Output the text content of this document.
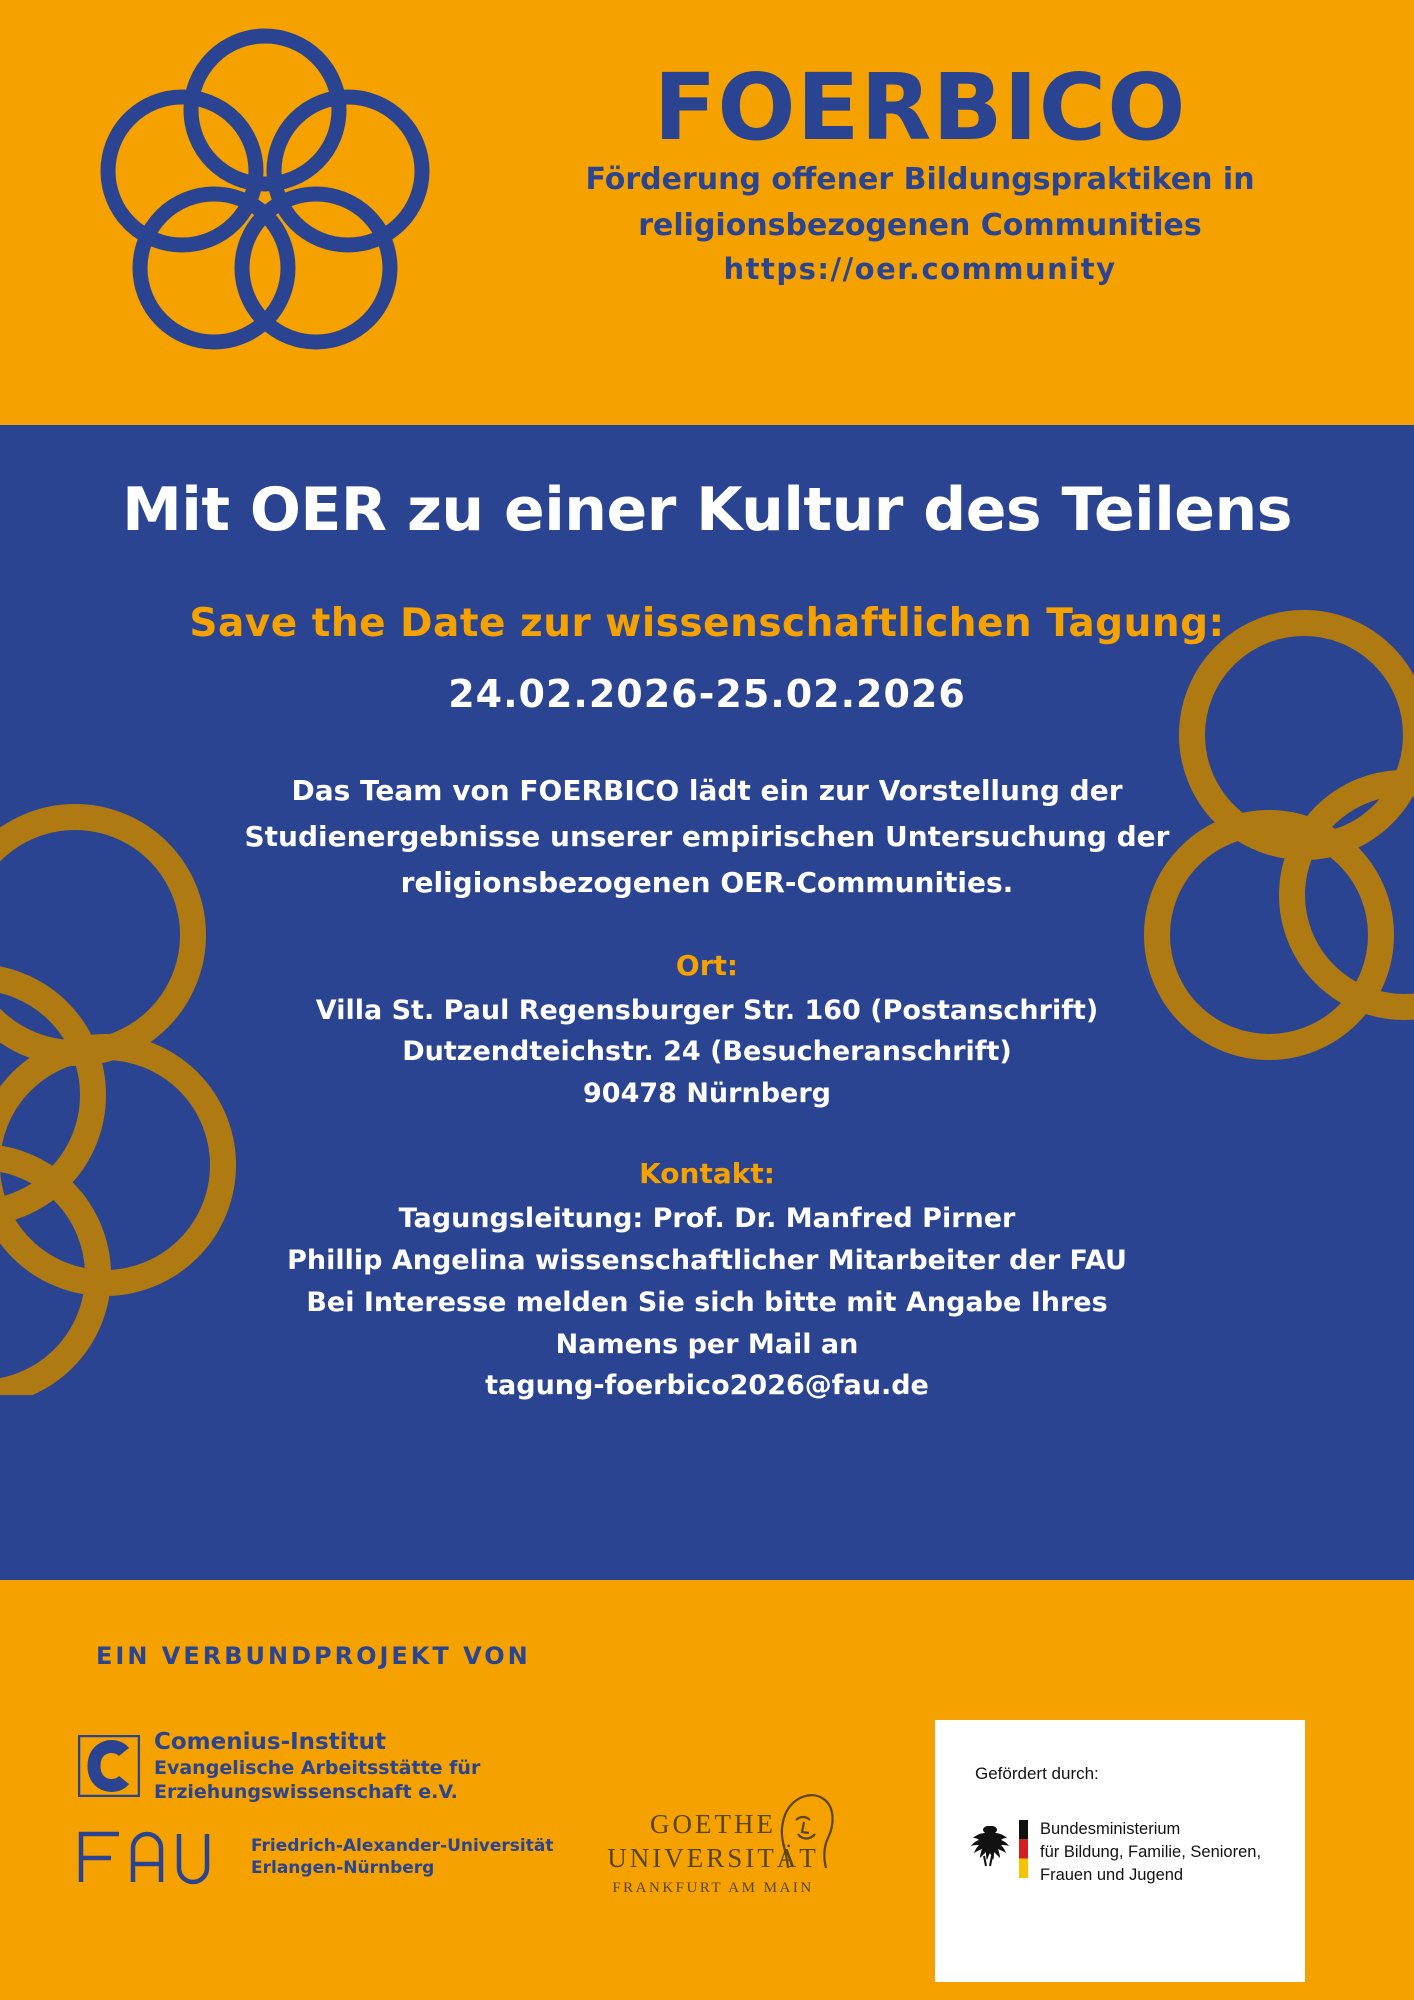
FOERBICO
Förderung offener Bildungspraktiken in
religionsbezogenen Communities
https://oer.community
Mit OER zu einer Kultur des Teilens
Save the Date zur wissenschaftlichen Tagung:
24.02.2026-25.02.2026

Das Team von FOERBICO lädt ein zur Vorstellung der Studienergebnisse unserer empirischen Untersuchung der religionsbezogenen OER-Communities.

Ort:
Villa St. Paul Regensburger Str. 160 (Postanschrift)
Dutzendteichstr. 24 (Besucheranschrift)
90478 Nürnberg
Kontakt:
Tagungsleitung: Prof. Dr. Manfred Pirner
Phillip Angelina wissenschaftlicher Mitarbeiter der FAU
Bei Interesse melden Sie sich bitte mit Angabe Ihres
Namens per Mail an
tagung-foerbico2026@fau.de
EIN VERBUNDPROJEKT VON
Comenius-Institut
Evangelische Arbeitsstätte für
Erziehungswissenschaft e.V.
Friedrich-Alexander-Universität
Erlangen-Nürnberg
GOETHE
UNIVERSITÄT
FRANKFURT AM MAIN
Gefördert durch:
Bundesministerium
für Bildung, Familie, Senioren,
Frauen und Jugend
